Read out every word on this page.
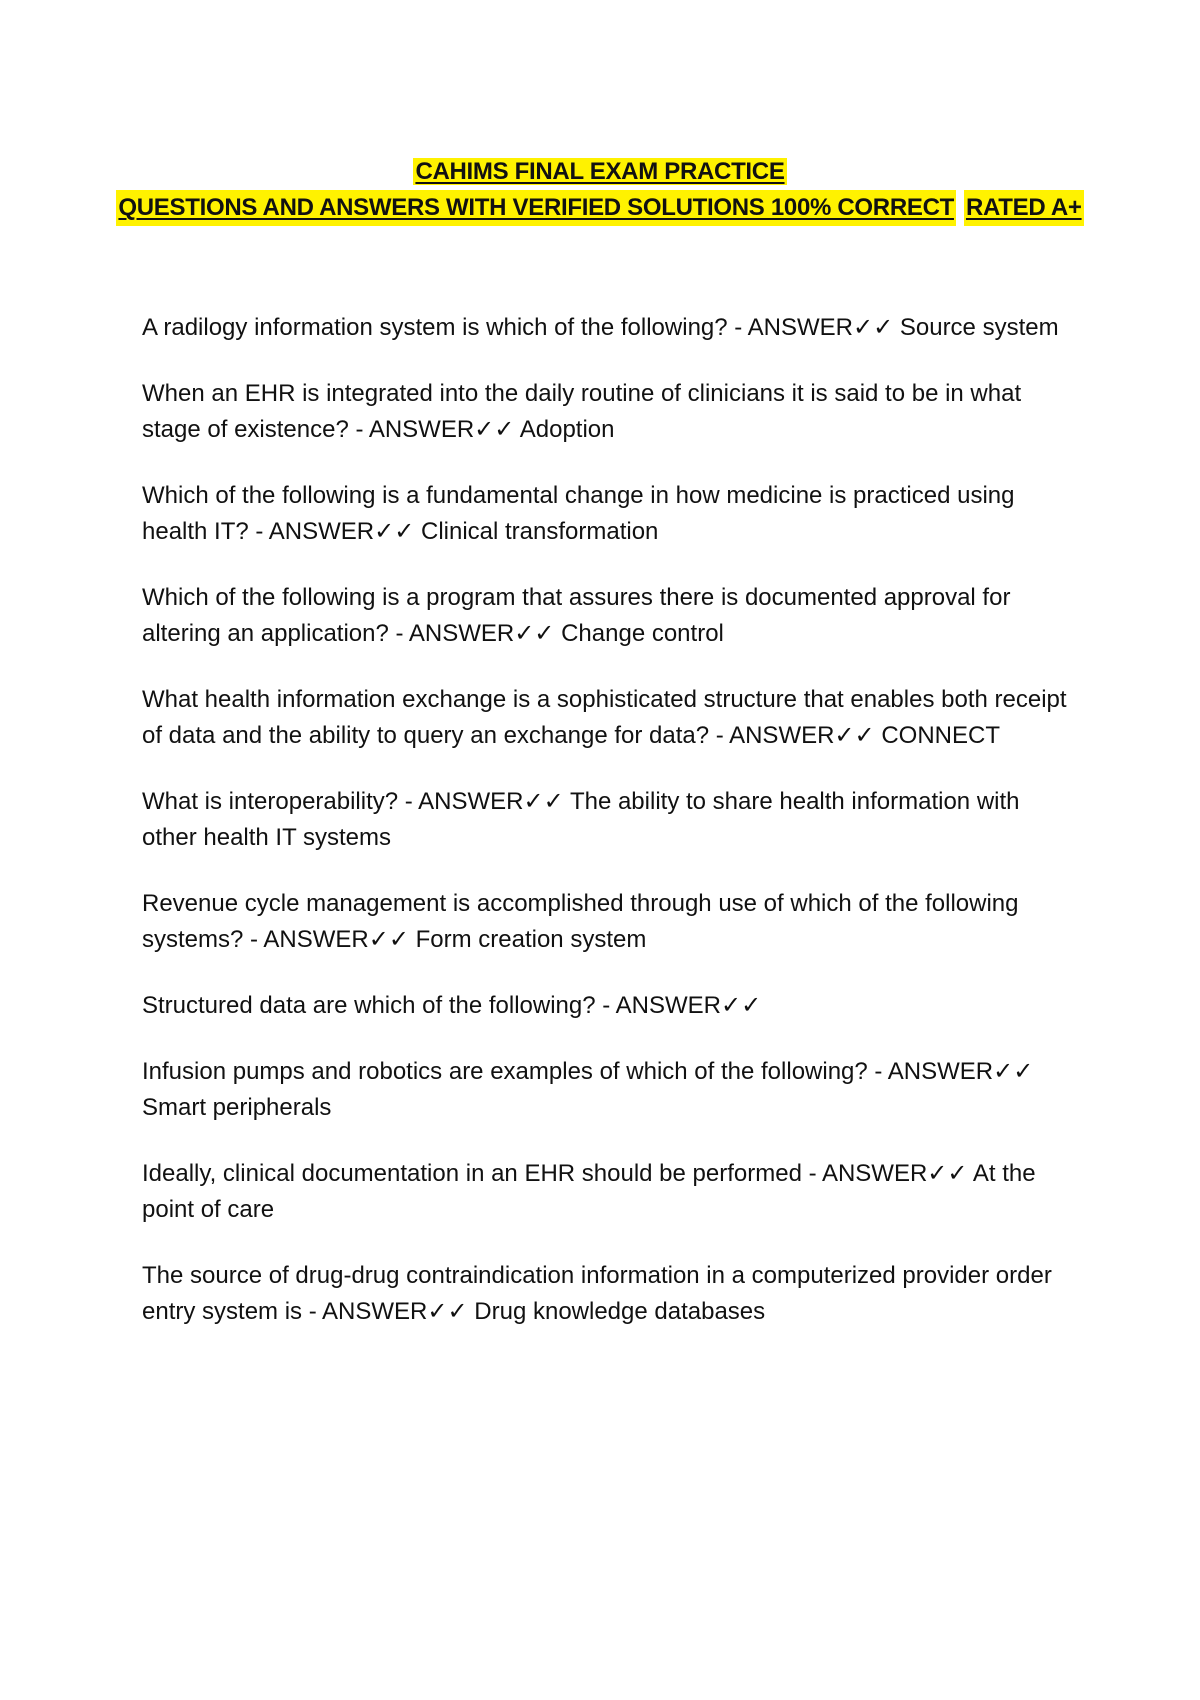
CAHIMS FINAL EXAM PRACTICE
QUESTIONS AND ANSWERS WITH VERIFIED SOLUTIONS 100% CORRECT RATED A+

A radilogy information system is which of the following? - ANSWER✓✓ Source system

When an EHR is integrated into the daily routine of clinicians it is said to be in what stage of existence? - ANSWER✓✓ Adoption

Which of the following is a fundamental change in how medicine is practiced using health IT? - ANSWER✓✓ Clinical transformation

Which of the following is a program that assures there is documented approval for altering an application? - ANSWER✓✓ Change control

What health information exchange is a sophisticated structure that enables both receipt of data and the ability to query an exchange for data? - ANSWER✓✓ CONNECT

What is interoperability? - ANSWER✓✓ The ability to share health information with other health IT systems

Revenue cycle management is accomplished through use of which of the following systems? - ANSWER✓✓ Form creation system

Structured data are which of the following? - ANSWER✓✓

Infusion pumps and robotics are examples of which of the following? - ANSWER✓✓ Smart peripherals

Ideally, clinical documentation in an EHR should be performed - ANSWER✓✓ At the point of care

The source of drug-drug contraindication information in a computerized provider order entry system is - ANSWER✓✓ Drug knowledge databases
